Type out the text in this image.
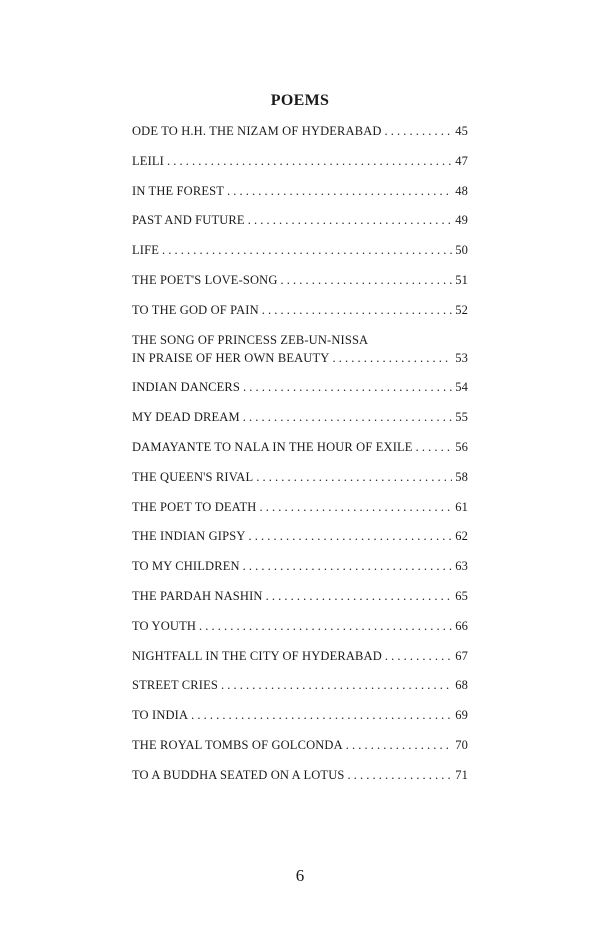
POEMS
ODE TO H.H. THE NIZAM OF HYDERABAD . . .	45
LEILI . . .	47
IN THE FOREST . . .	48
PAST AND FUTURE . . .	49
LIFE . . .	50
THE POET'S LOVE-SONG . . .	51
TO THE GOD OF PAIN . . .	52
THE SONG OF PRINCESS ZEB-UN-NISSA
IN PRAISE OF HER OWN BEAUTY . . .	53
INDIAN DANCERS . . .	54
MY DEAD DREAM . . .	55
DAMAYANTE TO NALA IN THE HOUR OF EXILE . . .	56
THE QUEEN'S RIVAL . . .	58
THE POET TO DEATH . . .	61
THE INDIAN GIPSY . . .	62
TO MY CHILDREN . . .	63
THE PARDAH NASHIN . . .	65
TO YOUTH . . .	66
NIGHTFALL IN THE CITY OF HYDERABAD . . .	67
STREET CRIES . . .	68
TO INDIA . . .	69
THE ROYAL TOMBS OF GOLCONDA . . .	70
TO A BUDDHA SEATED ON A LOTUS . . .	71
6
